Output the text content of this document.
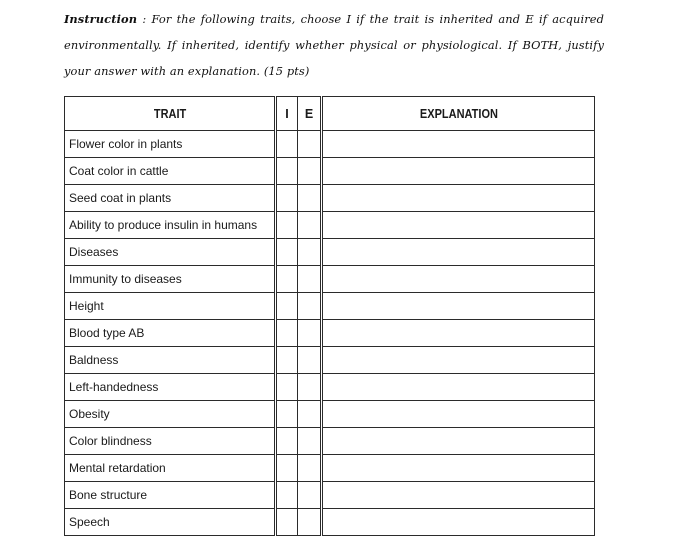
Instruction : For the following traits, choose I if the trait is inherited and E if acquired environmentally. If inherited, identify whether physical or physiological. If BOTH, justify your answer with an explanation. (15 pts)
TRAIT	I	E	EXPLANATION
Flower color in plants			
Coat color in cattle			
Seed coat in plants			
Ability to produce insulin in humans			
Diseases			
Immunity to diseases			
Height			
Blood type AB			
Baldness			
Left-handedness			
Obesity			
Color blindness			
Mental retardation			
Bone structure			
Speech			
